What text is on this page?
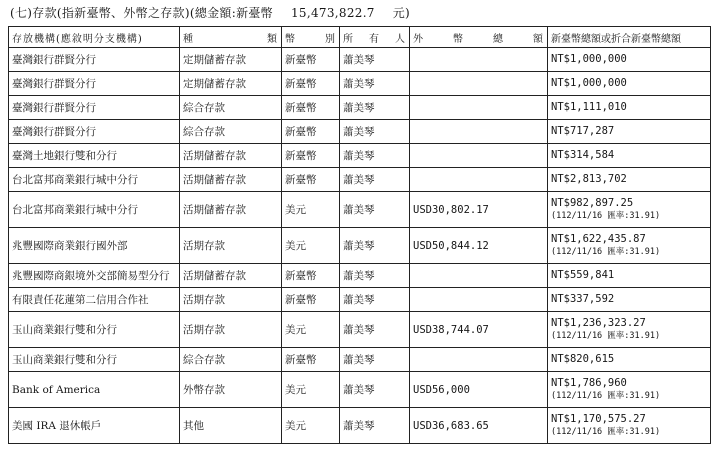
(七)存款(指新臺幣、外幣之存款)(總金額:新臺幣 15,473,822.7 元)
存放機構(應敘明分支機構)	種 類	幣 別	所 有 人	外 幣 總 額	新臺幣總額或折合新臺幣總額
臺灣銀行群賢分行	定期儲蓄存款	新臺幣	蕭美琴		NT$1,000,000

臺灣銀行群賢分行	定期儲蓄存款	新臺幣	蕭美琴		NT$1,000,000

臺灣銀行群賢分行	綜合存款	新臺幣	蕭美琴		NT$1,111,010

臺灣銀行群賢分行	綜合存款	新臺幣	蕭美琴		NT$717,287

臺灣土地銀行雙和分行	活期儲蓄存款	新臺幣	蕭美琴		NT$314,584

台北富邦商業銀行城中分行	活期儲蓄存款	新臺幣	蕭美琴		NT$2,813,702

台北富邦商業銀行城中分行	活期儲蓄存款	美元	蕭美琴	USD30,802.17	NT$982,897.25
(112/11/16 匯率:31.91)

兆豐國際商業銀行國外部	活期存款	美元	蕭美琴	USD50,844.12	NT$1,622,435.87
(112/11/16 匯率:31.91)

兆豐國際商銀境外交部簡易型分行	活期儲蓄存款	新臺幣	蕭美琴		NT$559,841

有限責任花蓮第二信用合作社	活期存款	新臺幣	蕭美琴		NT$337,592

玉山商業銀行雙和分行	活期存款	美元	蕭美琴	USD38,744.07	NT$1,236,323.27
(112/11/16 匯率:31.91)

玉山商業銀行雙和分行	綜合存款	新臺幣	蕭美琴		NT$820,615

Bank of America	外幣存款	美元	蕭美琴	USD56,000	NT$1,786,960
(112/11/16 匯率:31.91)

美國 IRA 退休帳戶	其他	美元	蕭美琴	USD36,683.65	NT$1,170,575.27
(112/11/16 匯率:31.91)
